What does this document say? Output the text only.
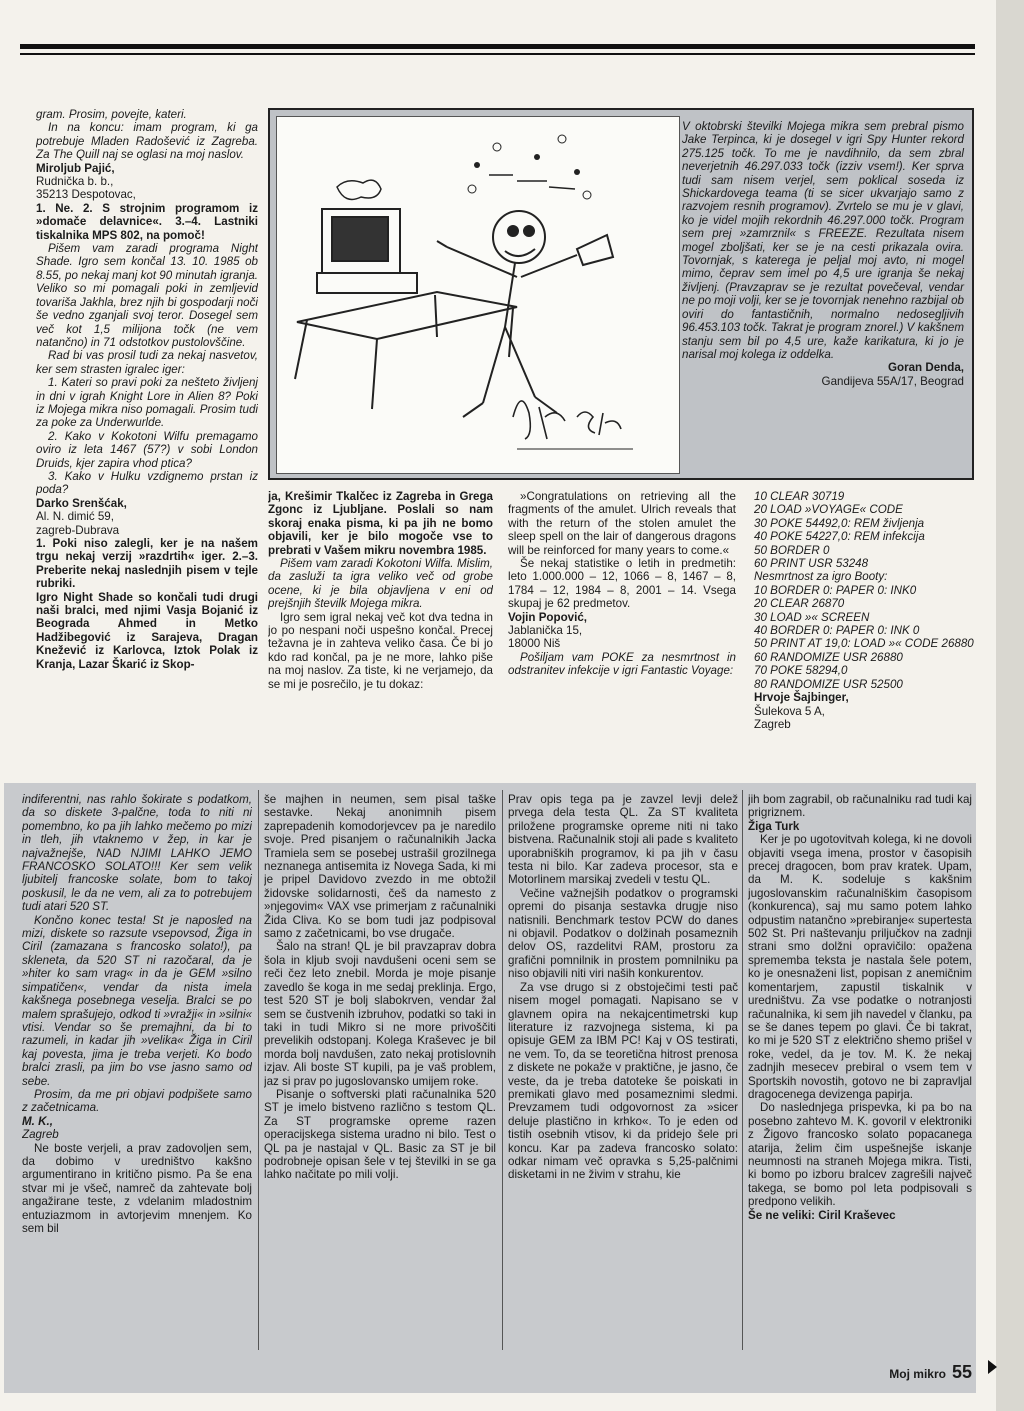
gram. Prosim, povejte, kateri.

In na koncu: imam program, ki ga potrebuje Mladen Radošević iz Zagreba. Za The Quill naj se oglasi na moj naslov.

Miroljub Pajić,

Rudnička b. b.,

35213 Despotovac,

1. Ne. 2. S strojnim programom iz »domače delavnice«. 3.–4. Lastniki tiskalnika MPS 802, na pomoč!

Pišem vam zaradi programa Night Shade. Igro sem končal 13. 10. 1985 ob 8.55, po nekaj manj kot 90 minutah igranja. Veliko so mi pomagali poki in zemljevid tovariša Jakhla, brez njih bi gospodarji noči še vedno zganjali svoj teror. Dosegel sem več kot 1,5 milijona točk (ne vem natančno) in 71 odstotkov pustolovščine.

Rad bi vas prosil tudi za nekaj nasvetov, ker sem strasten igralec iger:

1. Kateri so pravi poki za nešteto življenj in dni v igrah Knight Lore in Alien 8? Poki iz Mojega mikra niso pomagali. Prosim tudi za poke za Underwurlde.

2. Kako v Kokotoni Wilfu premagamo oviro iz leta 1467 (57?) v sobi London Druids, kjer zapira vhod ptica?

3. Kako v Hulku vzdignemo prstan iz poda?

Darko Srenšćak,

Al. N. dimić 59,

zagreb-Dubrava

1. Poki niso zalegli, ker je na našem trgu nekaj verzij »razdrtih« iger. 2.–3. Preberite nekaj naslednjih pisem v tejle rubriki.

Igro Night Shade so končali tudi drugi naši bralci, med njimi Vasja Bojanić iz Beograda Ahmed in Metko Hadžibegović iz Sarajeva, Dragan Knežević iz Karlovca, Iztok Polak iz Kranja, Lazar Škarić iz Skop-

V oktobrski številki Mojega mikra sem prebral pismo Jake Terpinca, ki je dosegel v igri Spy Hunter rekord 275.125 točk. To me je navdihnilo, da sem zbral neverjetnih 46.297.033 točk (izziv vsem!). Ker sprva tudi sam nisem verjel, sem poklical soseda iz Shickardovega teama (ti se sicer ukvarjajo samo z razvojem resnih programov). Zvrtelo se mu je v glavi, ko je videl mojih rekordnih 46.297.000 točk. Program sem prej »zamrznil« s FREEZE. Rezultata nisem mogel zboljšati, ker se je na cesti prikazala ovira. Tovornjak, s katerega je peljal moj avto, ni mogel mimo, čeprav sem imel po 4,5 ure igranja še nekaj življenj. (Pravzaprav se je rezultat povečeval, vendar ne po moji volji, ker se je tovornjak nenehno razbijal ob oviri do fantastičnih, normalno nedosegljivih 96.453.103 točk. Takrat je program znorel.) V kakšnem stanju sem bil po 4,5 ure, kaže karikatura, ki jo je narisal moj kolega iz oddelka.

Goran Denda,

Gandijeva 55A/17, Beograd

ja, Krešimir Tkalčec iz Zagreba in Grega Zgonc iz Ljubljane. Poslali so nam skoraj enaka pisma, ki pa jih ne bomo objavili, ker je bilo mogoče vse to prebrati v Vašem mikru novembra 1985.

Pišem vam zaradi Kokotoni Wilfa. Mislim, da zasluži ta igra veliko več od grobe ocene, ki je bila objavljena v eni od prejšnjih številk Mojega mikra.

Igro sem igral nekaj več kot dva tedna in jo po nespani noči uspešno končal. Precej težavna je in zahteva veliko časa. Če bi jo kdo rad končal, pa je ne more, lahko piše na moj naslov. Za tiste, ki ne verjamejo, da se mi je posrečilo, je tu dokaz:

»Congratulations on retrieving all the fragments of the amulet. Ulrich reveals that with the return of the stolen amulet the sleep spell on the lair of dangerous dragons will be reinforced for many years to come.«

Še nekaj statistike o letih in predmetih: leto 1.000.000 – 12, 1066 – 8, 1467 – 8, 1784 – 12, 1984 – 8, 2001 – 14. Vsega skupaj je 62 predmetov.

Vojin Popović,

Jablanička 15,

18000 Niš

Pošiljam vam POKE za nesmrtnost in odstranitev infekcije v igri Fantastic Voyage:

10 CLEAR 30719

20 LOAD »VOYAGE« CODE

30 POKE 54492,0: REM življenja

40 POKE 54227,0: REM infekcija

50 BORDER 0

60 PRINT USR 53248

Nesmrtnost za igro Booty:

10 BORDER 0: PAPER 0: INK0

20 CLEAR 26870

30 LOAD »« SCREEN

40 BORDER 0: PAPER 0: INK 0

50 PRINT AT 19,0: LOAD »« CODE 26880

60 RANDOMIZE USR 26880

70 POKE 58294,0

80 RANDOMIZE USR 52500

Hrvoje Šajbinger,

Šulekova 5 A,

Zagreb

indiferentni, nas rahlo šokirate s podatkom, da so diskete 3-palčne, toda to niti ni pomembno, ko pa jih lahko mečemo po mizi in tleh, jih vtaknemo v žep, in kar je najvažnejše, NAD NJIMI LAHKO JEMO FRANCOSKO SOLATO!!! Ker sem velik ljubitelj francoske solate, bom to takoj poskusil, le da ne vem, ali za to potrebujem tudi atari 520 ST.

Končno konec testa! St je naposled na mizi, diskete so razsute vsepovsod, Žiga in Ciril (zamazana s francosko solato!), pa skleneta, da 520 ST ni razočaral, da je »hiter ko sam vrag« in da je GEM »silno simpatičen«, vendar da nista imela kakšnega posebnega veselja. Bralci se po malem sprašujejo, odkod ti »vražji« in »silni« vtisi. Vendar so še premajhni, da bi to razumeli, in kadar jih »velika« Žiga in Ciril kaj povesta, jima je treba verjeti. Ko bodo bralci zrasli, pa jim bo vse jasno samo od sebe.

Prosim, da me pri objavi podpišete samo z začetnicama.

M. K.,

Zagreb

Ne boste verjeli, a prav zadovoljen sem, da dobimo v uredništvo kakšno argumentirano in kritično pismo. Pa še ena stvar mi je všeč, namreč da zahtevate bolj angažirane teste, z vdelanim mladostnim entuziazmom in avtorjevim mnenjem. Ko sem bil

še majhen in neumen, sem pisal taške sestavke. Nekaj anonimnih pisem zaprepadenih komodorjevcev pa je naredilo svoje. Pred pisanjem o računalnikih Jacka Tramiela sem se posebej ustrašil grozilnega neznanega antisemita iz Novega Sada, ki mi je pripel Davidovo zvezdo in me obtožil židovske solidarnosti, češ da namesto z »njegovim« VAX vse primerjam z računalniki Žida Cliva. Ko se bom tudi jaz podpisoval samo z začetnicami, bo vse drugače.

Šalo na stran! QL je bil pravzaprav dobra šola in kljub svoji navdušeni oceni sem se reči čez leto znebil. Morda je moje pisanje zavedlo še koga in me sedaj preklinja. Ergo, test 520 ST je bolj slabokrven, vendar žal sem se čustvenih izbruhov, podatki so taki in taki in tudi Mikro si ne more privoščiti prevelikih odstopanj. Kolega Kraševec je bil morda bolj navdušen, zato nekaj protislovnih izjav. Ali boste ST kupili, pa je vaš problem, jaz si prav po jugoslovansko umijem roke.

Pisanje o softverski plati računalnika 520 ST je imelo bistveno različno s testom QL. Za ST programske opreme razen operacijskega sistema uradno ni bilo. Test o QL pa je nastajal v QL. Basic za ST je bil podrobneje opisan šele v tej številki in se ga lahko načitate po mili volji.

Prav opis tega pa je zavzel levji delež prvega dela testa QL. Za ST kvaliteta priložene programske opreme niti ni tako bistvena. Računalnik stoji ali pade s kvaliteto uporabniških programov, ki pa jih v času testa ni bilo. Kar zadeva procesor, sta e Motorlinem marsikaj zvedeli v testu QL.

Večine važnejših podatkov o programski opremi do pisanja sestavka drugje niso natisnili. Benchmark testov PCW do danes ni objavil. Podatkov o dolžinah posameznih delov OS, razdelitvi RAM, prostoru za grafični pomnilnik in prostem pomnilniku pa niso objavili niti viri naših konkurentov.

Za vse drugo si z obstoječimi testi pač nisem mogel pomagati. Napisano se v glavnem opira na nekajcentimetrski kup literature iz razvojnega sistema, ki pa opisuje GEM za IBM PC! Kaj v OS testirati, ne vem. To, da se teoretična hitrost prenosa z diskete ne pokaže v praktične, je jasno, če veste, da je treba datoteke še poiskati in premikati glavo med posameznimi sledmi. Prevzamem tudi odgovornost za »sicer deluje plastično in krhko«. To je eden od tistih osebnih vtisov, ki da pridejo šele pri koncu. Kar pa zadeva francosko solato: odkar nimam več opravka s 5,25-palčnimi disketami in ne živim v strahu, kie

jih bom zagrabil, ob računalniku rad tudi kaj prigriznem.

Žiga Turk

Ker je po ugotovitvah kolega, ki ne dovoli objaviti vsega imena, prostor v časopisih precej dragocen, bom prav kratek. Upam, da M. K. sodeluje s kakšnim jugoslovanskim računalniškim časopisom (konkurenca), saj mu samo potem lahko odpustim natančno »prebiranje« supertesta 502 St. Pri naštevanju priljučkov na zadnji strani smo dolžni opravičilo: opažena sprememba teksta je nastala šele potem, ko je onesnaženi list, popisan z anemičnim komentarjem, zapustil tiskalnik v uredništvu. Za vse podatke o notranjosti računalnika, ki sem jih navedel v članku, pa se še danes tepem po glavi. Če bi takrat, ko mi je 520 ST z električno shemo prišel v roke, vedel, da je tov. M. K. že nekaj zadnjih mesecev prebiral o vsem tem v Sportskih novostih, gotovo ne bi zapravljal dragocenega devizenga papirja.

Do naslednjega prispevka, ki pa bo na posebno zahtevo M. K. govoril v elektroniki z Žigovo francosko solato popacanega atarija, želim čim uspešnejše iskanje neumnosti na straneh Mojega mikra. Tisti, ki bomo po izboru bralcev zagrešili največ takega, se bomo pol leta podpisovali s predpono velikih.

Še ne veliki: Ciril Kraševec

Moj mikro 55
